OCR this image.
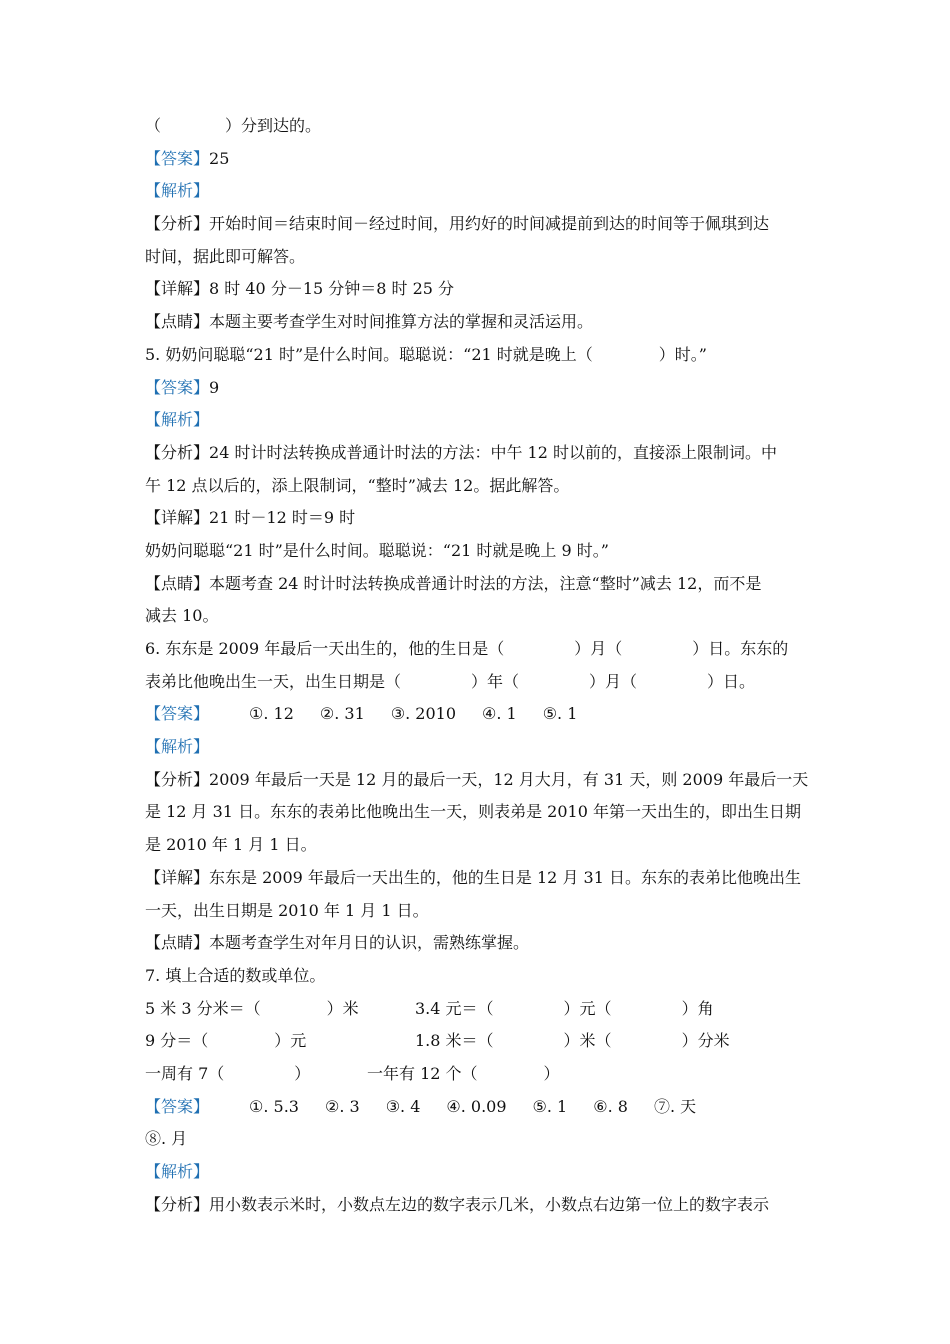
（	）分到达的。
【答案】25
【解析】
【分析】开始时间＝结束时间－经过时间，用约好的时间减提前到达的时间等于佩琪到达
时间，据此即可解答。
【详解】8 时 40 分－15 分钟＝8 时 25 分
【点睛】本题主要考查学生对时间推算方法的掌握和灵活运用。
5. 奶奶问聪聪“21 时”是什么时间。聪聪说：“21 时就是晚上（	）时。”
【答案】9
【解析】
【分析】24 时计时法转换成普通计时法的方法：中午 12 时以前的，直接添上限制词。中
午 12 点以后的，添上限制词，“整时”减去 12。据此解答。
【详解】21 时－12 时＝9 时
奶奶问聪聪“21 时”是什么时间。聪聪说：“21 时就是晚上 9 时。”
【点睛】本题考查 24 时计时法转换成普通计时法的方法，注意“整时”减去 12，而不是
减去 10。
6. 东东是 2009 年最后一天出生的，他的生日是（	）月（	）日。东东的
表弟比他晚出生一天，出生日期是（	）年（	）月（	）日。
【答案】	①. 12 ②. 31 ③. 2010 ④. 1 ⑤. 1
【解析】
【分析】2009 年最后一天是 12 月的最后一天，12 月大月，有 31 天，则 2009 年最后一天
是 12 月 31 日。东东的表弟比他晚出生一天，则表弟是 2010 年第一天出生的，即出生日期
是 2010 年 1 月 1 日。
【详解】东东是 2009 年最后一天出生的，他的生日是 12 月 31 日。东东的表弟比他晚出生
一天，出生日期是 2010 年 1 月 1 日。
【点睛】本题考查学生对年月日的认识，需熟练掌握。
7. 填上合适的数或单位。
5 米 3 分米＝（	）米	3.4 元＝（	）元（	）角
9 分＝（	）元	1.8 米＝（	）米（	）分米
一周有 7（	）	一年有 12 个（	）
【答案】	①. 5.3 ②. 3 ③. 4 ④. 0.09 ⑤. 1 ⑥. 8 ⑦. 天
⑧. 月
【解析】
【分析】用小数表示米时，小数点左边的数字表示几米，小数点右边第一位上的数字表示
